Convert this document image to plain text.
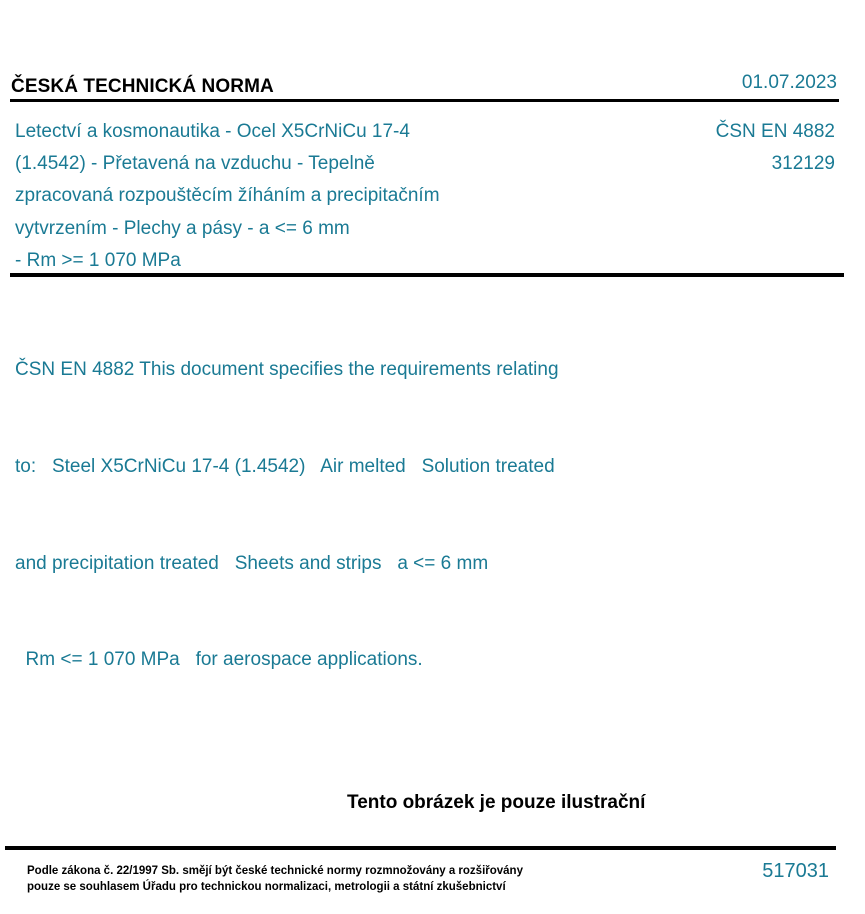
ČESKÁ TECHNICKÁ NORMA	01.07.2023
Letectví a kosmonautika - Ocel X5CrNiCu 17-4
(1.4542) - Přetavená na vzduchu - Tepelně
zpracovaná rozpouštěcím žíháním a precipitačním
vytvrzením - Plechy a pásy - a <= 6 mm
- Rm >= 1 070 MPa
ČSN EN 4882
312129

ČSN EN 4882 This document specifies the requirements relating

to:   Steel X5CrNiCu 17-4 (1.4542)   Air melted   Solution treated

and precipitation treated   Sheets and strips   a <= 6 mm

Rm <= 1 070 MPa   for aerospace applications.

Tento obrázek je pouze ilustrační
Podle zákona č. 22/1997 Sb. smějí být české technické normy rozmnožovány a rozšiřovány
pouze se souhlasem Úřadu pro technickou normalizaci, metrologii a státní zkušebnictví
517031
